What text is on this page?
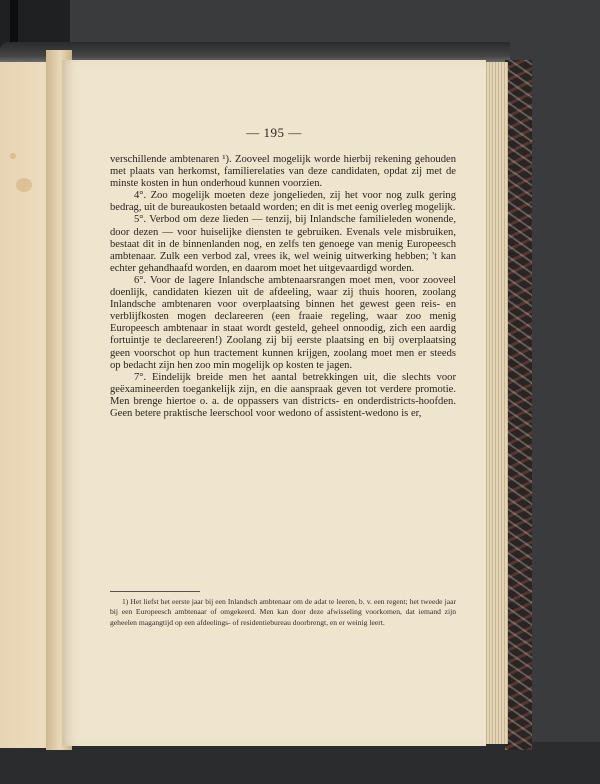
— 195 —

verschillende ambtenaren ¹). Zooveel mogelijk worde hierbij rekening gehouden met plaats van herkomst, familierelaties van deze candidaten, opdat zij met de minste kosten in hun onderhoud kunnen voorzien.

4°. Zoo mogelijk moeten deze jongelieden, zij het voor nog zulk gering bedrag, uit de bureaukosten betaald worden; en dit is met eenig overleg mogelijk.

5°. Verbod om deze lieden — tenzij, bij Inlandsche familieleden wonende, door dezen — voor huiselijke diensten te gebruiken. Evenals vele misbruiken, bestaat dit in de binnenlanden nog, en zelfs ten genoege van menig Europeesch ambtenaar. Zulk een verbod zal, vrees ik, wel weinig uitwerking hebben; 't kan echter gehandhaafd worden, en daarom moet het uitgevaardigd worden.

6°. Voor de lagere Inlandsche ambtenaarsrangen moet men, voor zooveel doenlijk, candidaten kiezen uit de afdeeling, waar zij thuis hooren, zoolang Inlandsche ambtenaren voor overplaatsing binnen het gewest geen reis- en verblijfkosten mogen declareeren (een fraaie regeling, waar zoo menig Europeesch ambtenaar in staat wordt gesteld, geheel onnoodig, zich een aardig fortuintje te declareeren!) Zoolang zij bij eerste plaatsing en bij overplaatsing geen voorschot op hun tractement kunnen krijgen, zoolang moet men er steeds op bedacht zijn hen zoo min mogelijk op kosten te jagen.

7°. Eindelijk breide men het aantal betrekkingen uit, die slechts voor geëxamineerden toegankelijk zijn, en die aanspraak geven tot verdere promotie. Men brenge hiertoe o. a. de oppassers van districts- en onderdistricts-hoofden. Geen betere praktische leerschool voor wedono of assistent-wedono is er,

1) Het liefst het eerste jaar bij een Inlandsch ambtenaar om de adat te leeren, b. v. een regent; het tweede jaar bij een Europeesch ambtenaar of omgekeerd. Men kan door deze afwisseling voorkomen, dat iemand zijn geheelen magangtijd op een afdeelings- of residentiebureau doorbrengt, en er weinig leert.
